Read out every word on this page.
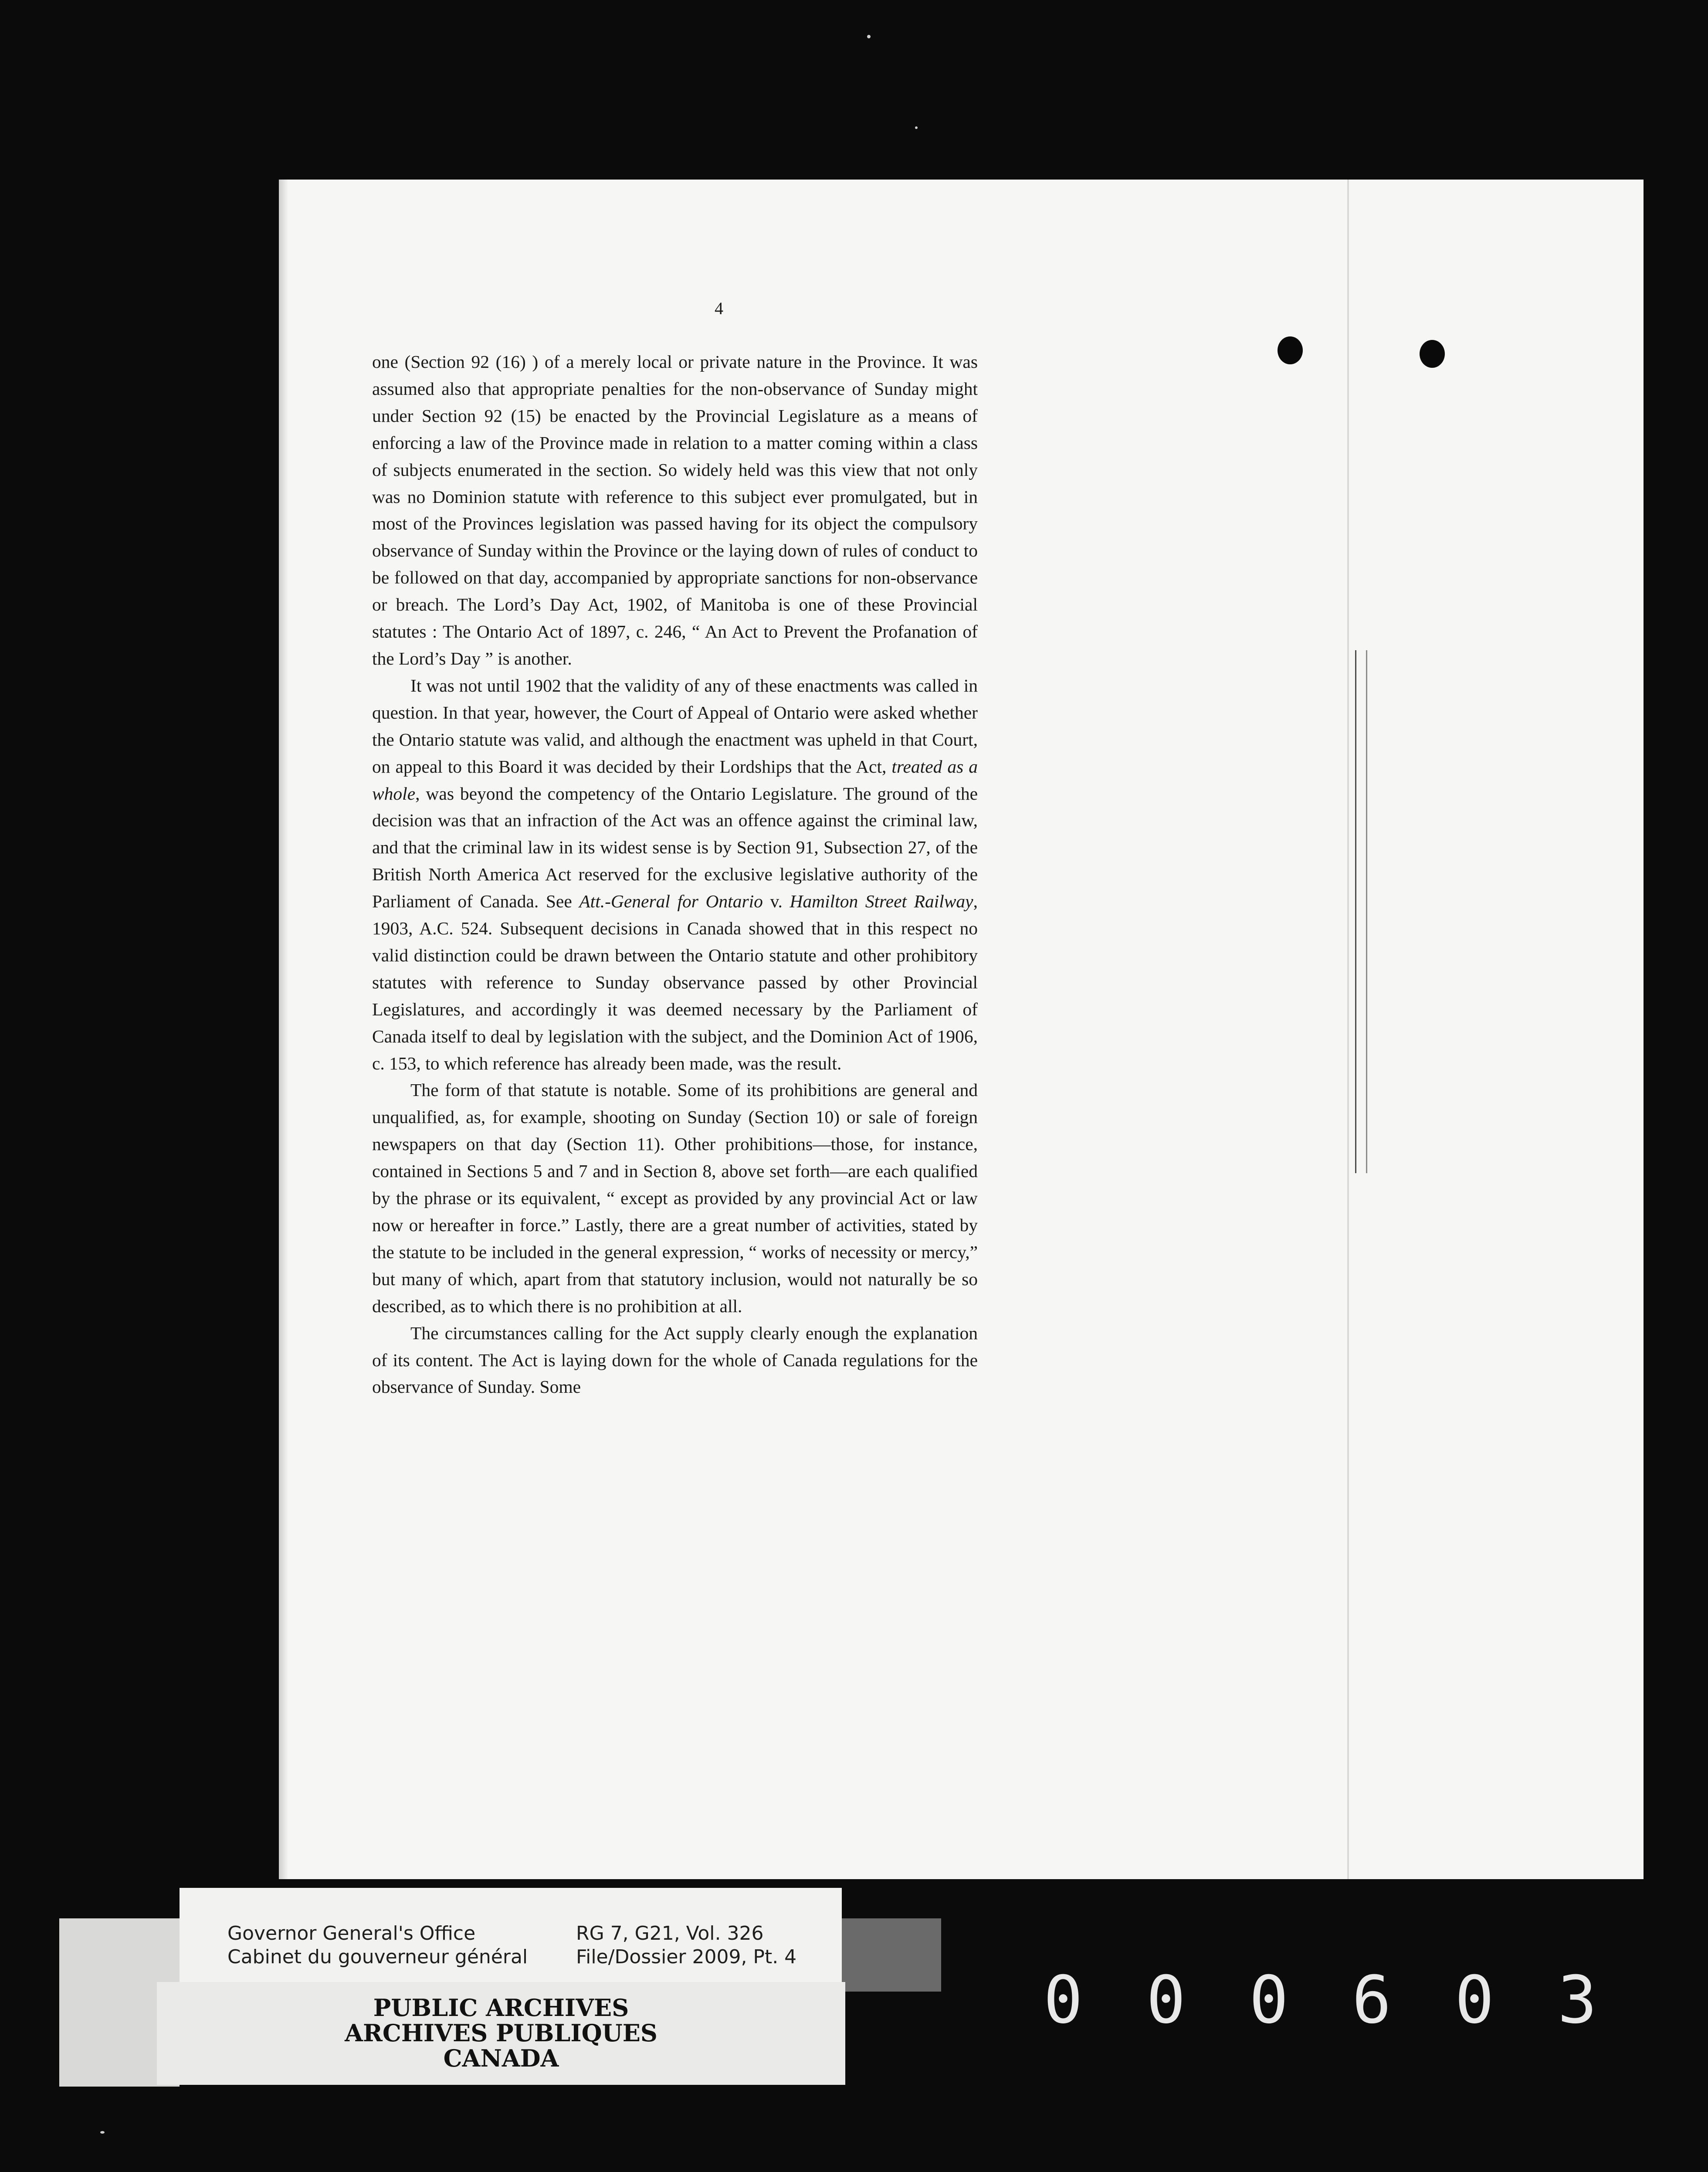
4

one (Section 92 (16) ) of a merely local or private nature in the Province. It was assumed also that appropriate penalties for the non-observance of Sunday might under Section 92 (15) be enacted by the Provincial Legislature as a means of enforcing a law of the Province made in relation to a matter coming within a class of subjects enumerated in the section. So widely held was this view that not only was no Dominion statute with reference to this subject ever promulgated, but in most of the Provinces legislation was passed having for its object the compulsory observance of Sunday within the Province or the laying down of rules of conduct to be followed on that day, accompanied by appropriate sanctions for non-observance or breach. The Lord’s Day Act, 1902, of Manitoba is one of these Provincial statutes : The Ontario Act of 1897, c. 246, “ An Act to Prevent the Profanation of the Lord’s Day ” is another.

It was not until 1902 that the validity of any of these enactments was called in question. In that year, however, the Court of Appeal of Ontario were asked whether the Ontario statute was valid, and although the enactment was upheld in that Court, on appeal to this Board it was decided by their Lordships that the Act, treated as a whole, was beyond the competency of the Ontario Legislature. The ground of the decision was that an infraction of the Act was an offence against the criminal law, and that the criminal law in its widest sense is by Section 91, Subsection 27, of the British North America Act reserved for the exclusive legislative authority of the Parliament of Canada. See Att.-General for Ontario v. Hamilton Street Railway, 1903, A.C. 524. Subsequent decisions in Canada showed that in this respect no valid distinction could be drawn between the Ontario statute and other prohibitory statutes with reference to Sunday observance passed by other Provincial Legislatures, and accordingly it was deemed necessary by the Parliament of Canada itself to deal by legislation with the subject, and the Dominion Act of 1906, c. 153, to which reference has already been made, was the result.

The form of that statute is notable. Some of its prohibitions are general and unqualified, as, for example, shooting on Sunday (Section 10) or sale of foreign newspapers on that day (Section 11). Other prohibitions—those, for instance, contained in Sections 5 and 7 and in Section 8, above set forth—are each qualified by the phrase or its equivalent, “ except as provided by any provincial Act or law now or hereafter in force.” Lastly, there are a great number of activities, stated by the statute to be included in the general expression, “ works of necessity or mercy,” but many of which, apart from that statutory inclusion, would not naturally be so described, as to which there is no prohibition at all.

The circumstances calling for the Act supply clearly enough the explanation of its content. The Act is laying down for the whole of Canada regulations for the observance of Sunday. Some

Governor General's Office	RG 7, G21, Vol. 326
Cabinet du gouverneur général	File/Dossier 2009, Pt. 4
PUBLIC ARCHIVES
ARCHIVES PUBLIQUES
CANADA
0 0 0 6 0 3
